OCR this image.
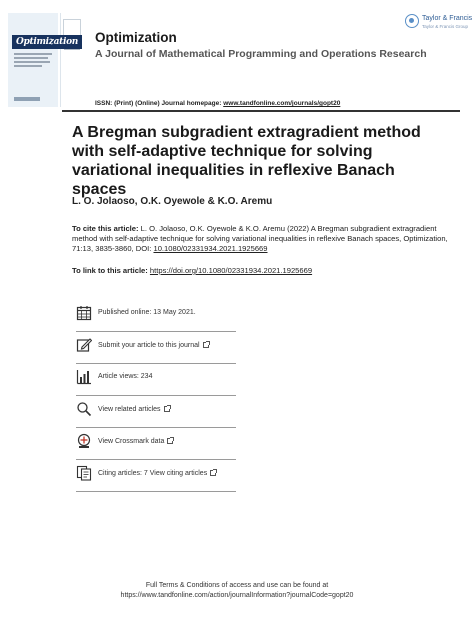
Optimization Optimization
A Journal of Mathematical Programming and Operations Research
Taylor & Francis
Taylor & Francis Group
ISSN: (Print) (Online) Journal homepage: www.tandfonline.com/journals/gopt20
A Bregman subgradient extragradient method with self-adaptive technique for solving variational inequalities in reflexive Banach spaces
L. O. Jolaoso, O.K. Oyewole & K.O. Aremu
To cite this article: L. O. Jolaoso, O.K. Oyewole & K.O. Aremu (2022) A Bregman subgradient extragradient method with self-adaptive technique for solving variational inequalities in reflexive Banach spaces, Optimization, 71:13, 3835-3860, DOI: 10.1080/02331934.2021.1925669
To link to this article: https://doi.org/10.1080/02331934.2021.1925669
Published online: 13 May 2021.
Submit your article to this journal
Article views: 234
View related articles
View Crossmark data
Citing articles: 7 View citing articles
Full Terms & Conditions of access and use can be found at
https://www.tandfonline.com/action/journalInformation?journalCode=gopt20
